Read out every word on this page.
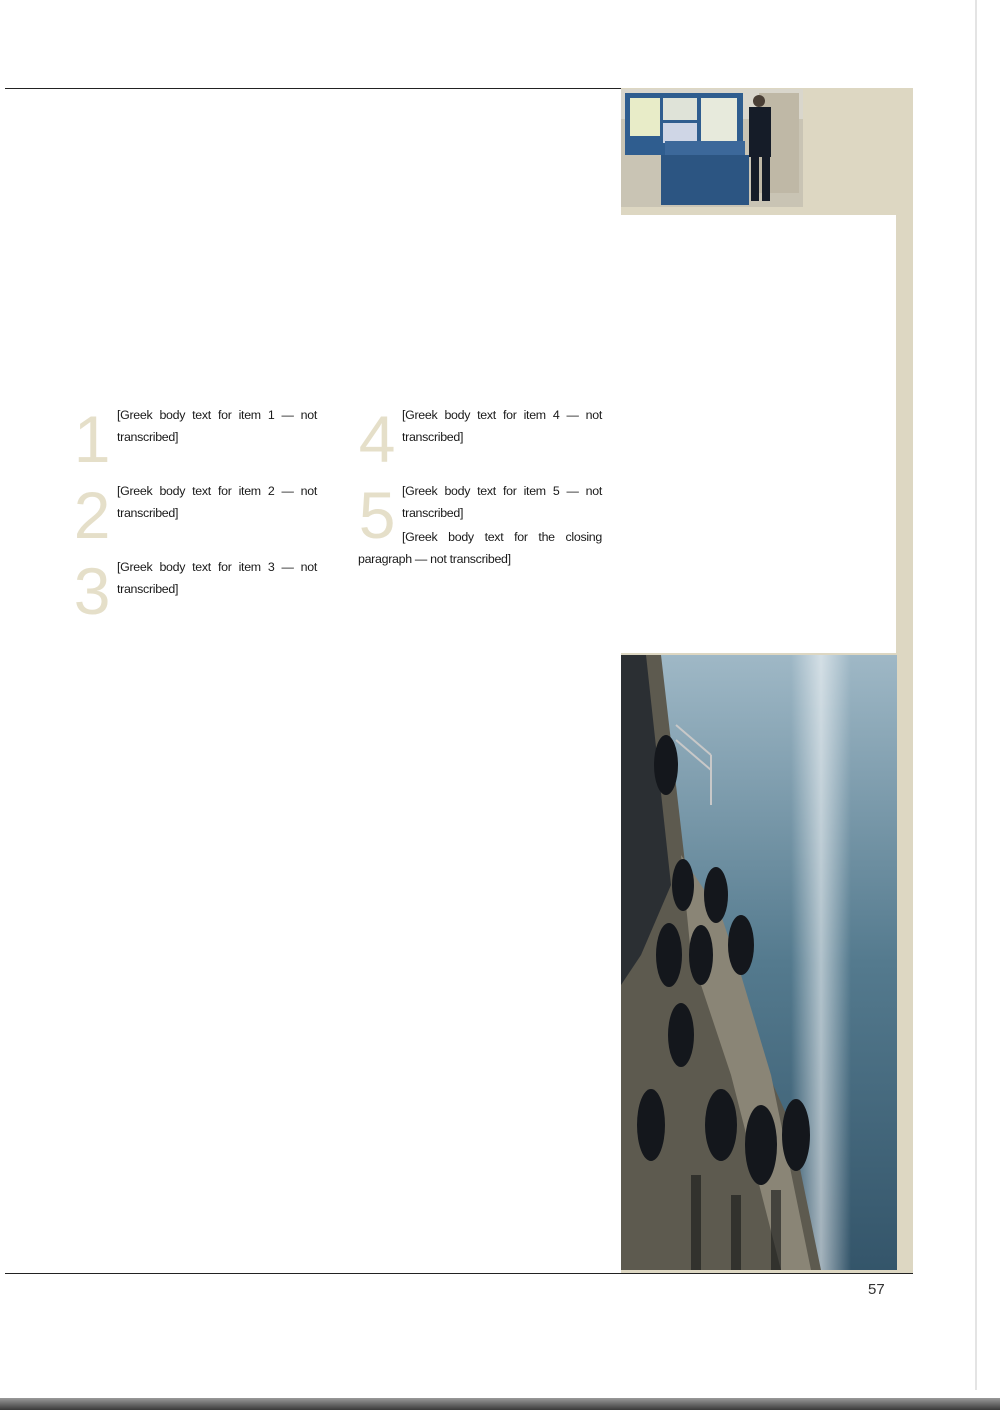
1 [Greek body text for item 1 — not transcribed]

2 [Greek body text for item 2 — not transcribed]

3 [Greek body text for item 3 — not transcribed]

4 [Greek body text for item 4 — not transcribed]

5 [Greek body text for item 5 — not transcribed]

[Greek body text for the closing paragraph — not transcribed]

57
